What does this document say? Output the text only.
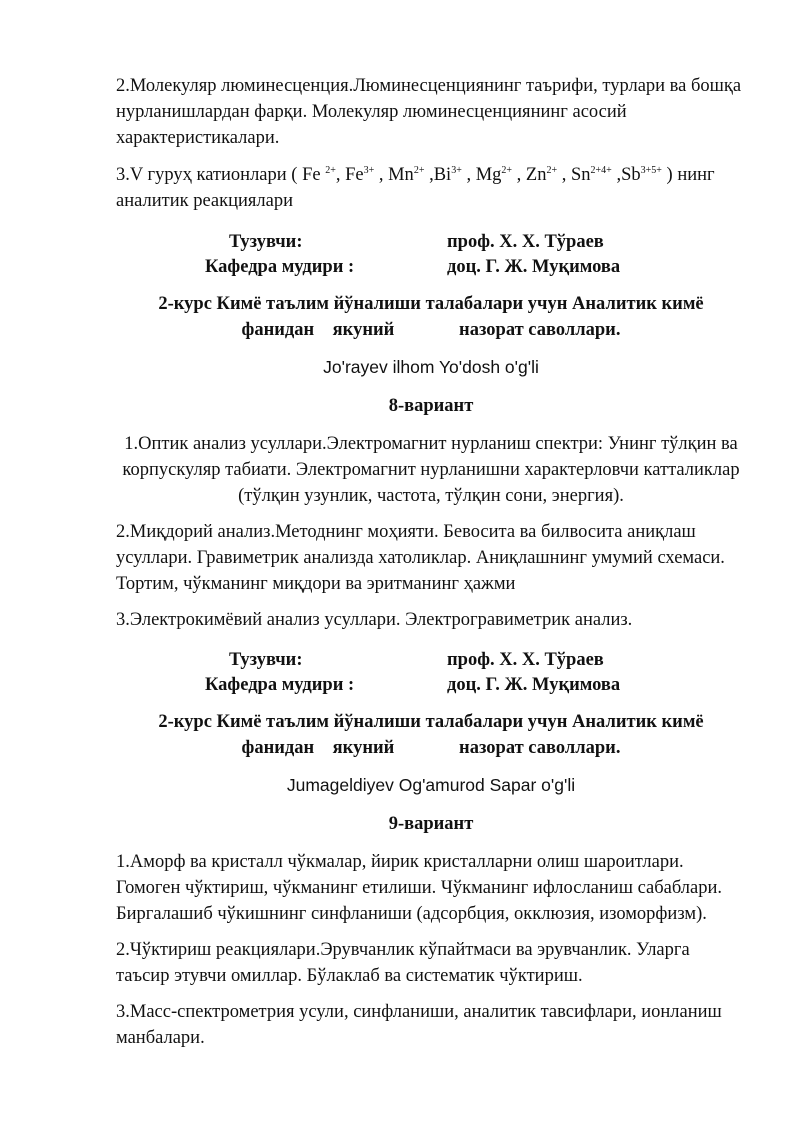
2.Молекуляр люминесценция.Люминесценциянинг таърифи, турлари ва бошқа нурланишлардан фарқи. Молекуляр люминесценциянинг асосий характеристикалари.

3.V гуруҳ катионлари ( Fe $^{2+}$, $Fe^{3+}$ , $Mn^{2+}$ $,Bi^{3+}$ , $Mg^{2+}$ , $Zn^{2+}$ , $Sn^{2+4+}$ $,Sb^{3+5+}$ ) нинг аналитик реакциялари

Тузувчи:	проф. Х. Х. Тўраев
Кафедра мудири :	доц. Г. Ж. Муқимова
2-курс Кимё таълим йўналиши талабалари учун Аналитик кимё
фанидан    якуний              назорат саволлари.
Jo'rayev ilhom Yo'dosh o'g'li
8-вариант

1.Оптик анализ усуллари.Электромагнит нурланиш спектри: Унинг тўлқин ва корпускуляр табиати. Электромагнит нурланишни характерловчи катталиклар (тўлқин узунлик, частота, тўлқин сони, энергия).

2.Миқдорий анализ.Методнинг моҳияти. Бевосита ва билвосита аниқлаш усуллари. Гравиметрик анализда хатоликлар. Аниқлашнинг умумий схемаси. Тортим, чўкманинг миқдори ва эритманинг ҳажми

3.Электрокимёвий анализ усуллари. Электрогравиметрик анализ.

Тузувчи:	проф. Х. Х. Тўраев
Кафедра мудири :	доц. Г. Ж. Муқимова
2-курс Кимё таълим йўналиши талабалари учун Аналитик кимё
фанидан    якуний              назорат саволлари.
Jumageldiyev Og'amurod Sapar o'g'li
9-вариант

1.Аморф ва кристалл чўкмалар, йирик кристалларни олиш шароитлари. Гомоген чўктириш, чўкманинг етилиши. Чўкманинг ифлосланиш сабаблари. Биргалашиб чўкишнинг синфланиши (адсорбция, окклюзия, изоморфизм).

2.Чўктириш реакциялари.Эрувчанлик кўпайтмаси ва эрувчанлик. Уларга таъсир этувчи омиллар. Бўлаклаб ва систематик чўктириш.

3.Масс-спектрометрия усули, синфланиши, аналитик тавсифлари, ионланиш манбалари.
